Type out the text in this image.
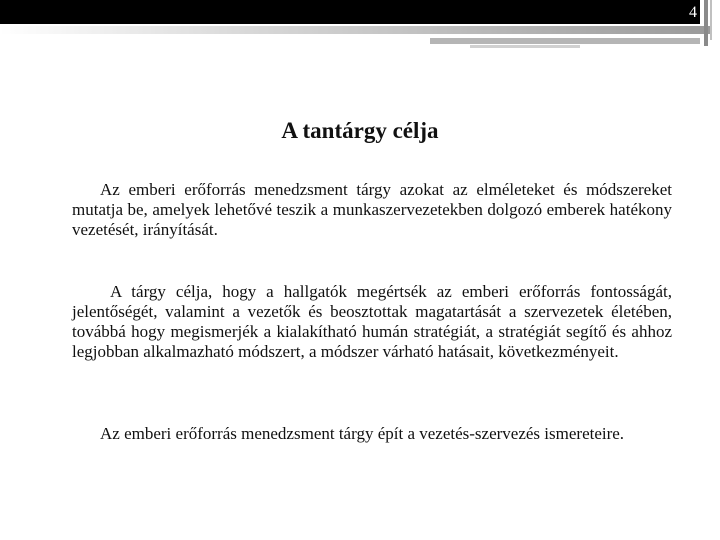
4
A tantárgy célja
Az emberi erőforrás menedzsment tárgy azokat az elméleteket és módszereket mutatja be, amelyek lehetővé teszik a munkaszervezetekben dolgozó emberek hatékony vezetését, irányítását.
A tárgy célja, hogy a hallgatók megértsék az emberi erőforrás fontosságát, jelentőségét, valamint a vezetők és beosztottak magatartását a szervezetek életében, továbbá hogy megismerjék a kialakítható humán stratégiát, a stratégiát segítő és ahhoz legjobban alkalmazható módszert, a módszer várható hatásait, következményeit.
Az emberi erőforrás menedzsment tárgy épít a vezetés-szervezés ismereteire.
